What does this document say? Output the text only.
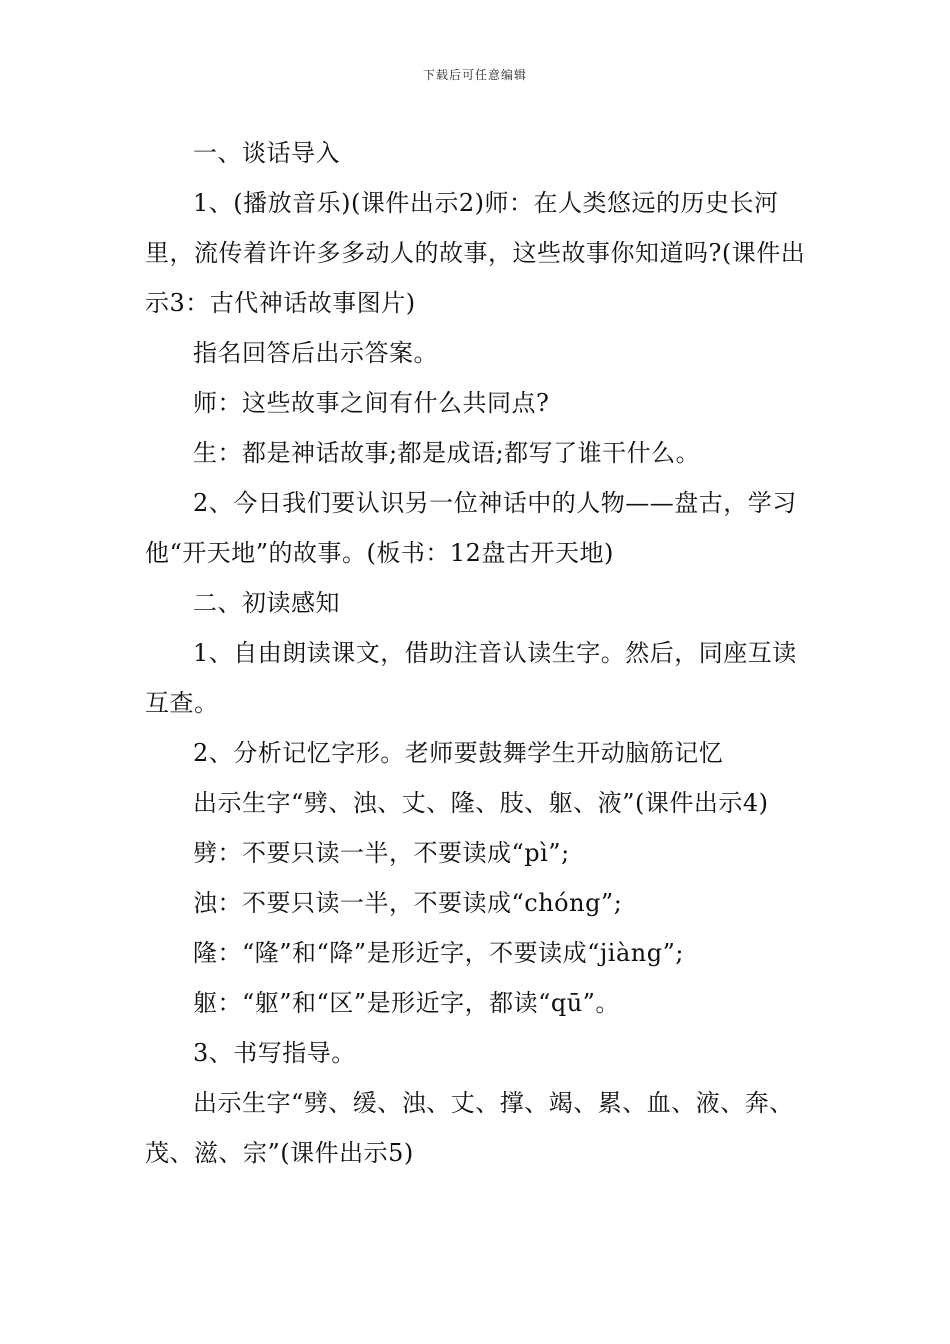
下载后可任意编辑

一、谈话导入

1、(播放音乐)(课件出示2)师：在人类悠远的历史长河里，流传着许许多多动人的故事，这些故事你知道吗?(课件出示3：古代神话故事图片)

指名回答后出示答案。

师：这些故事之间有什么共同点?

生：都是神话故事;都是成语;都写了谁干什么。

2、今日我们要认识另一位神话中的人物——盘古，学习他“开天地”的故事。(板书：12盘古开天地)

二、初读感知

1、自由朗读课文，借助注音认读生字。然后，同座互读互查。

2、分析记忆字形。老师要鼓舞学生开动脑筋记忆

出示生字“劈、浊、丈、隆、肢、躯、液”(课件出示4)

劈：不要只读一半，不要读成“pì”;

浊：不要只读一半，不要读成“chóng”;

隆：“隆”和“降”是形近字，不要读成“jiàng”;

躯：“躯”和“区”是形近字，都读“qū”。

3、书写指导。

出示生字“劈、缓、浊、丈、撑、竭、累、血、液、奔、茂、滋、宗”(课件出示5)
